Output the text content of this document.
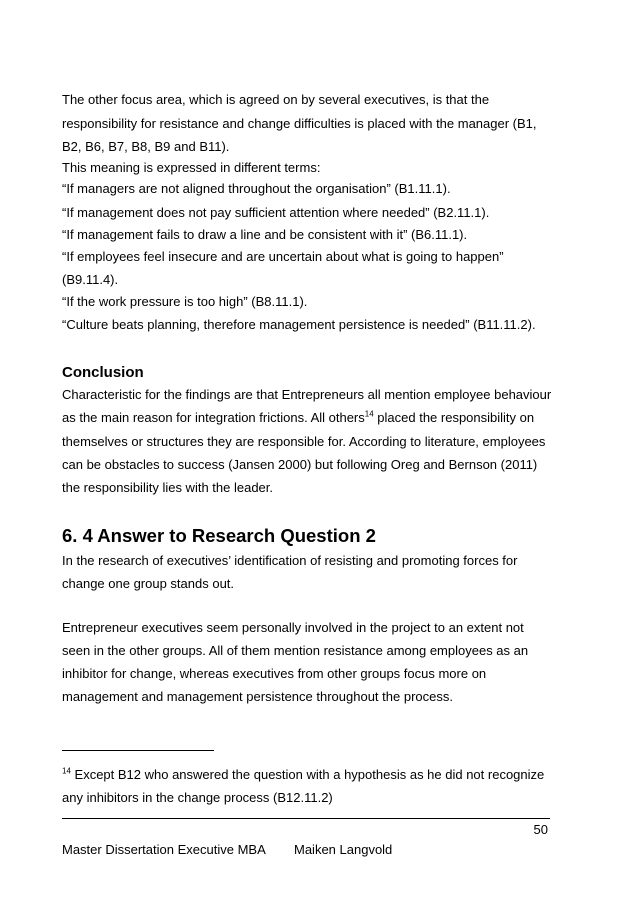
The other focus area, which is agreed on by several executives, is that the
responsibility for resistance and change difficulties is placed with the manager (B1,
B2, B6, B7, B8, B9 and B11).
This meaning is expressed in different terms:
“If managers are not aligned throughout the organisation” (B1.11.1).
“If management does not pay sufficient attention where needed” (B2.11.1).
“If management fails to draw a line and be consistent with it” (B6.11.1).
“If employees feel insecure and are uncertain about what is going to happen”
(B9.11.4).
“If the work pressure is too high” (B8.11.1).
“Culture beats planning, therefore management persistence is needed” (B11.11.2).
Conclusion
Characteristic for the findings are that Entrepreneurs all mention employee behaviour
as the main reason for integration frictions. All others$^{14}$ placed the responsibility on
themselves or structures they are responsible for. According to literature, employees
can be obstacles to success (Jansen 2000) but following Oreg and Bernson (2011)
the responsibility lies with the leader.
6. 4 Answer to Research Question 2
In the research of executives’ identification of resisting and promoting forces for
change one group stands out.
Entrepreneur executives seem personally involved in the project to an extent not
seen in the other groups. All of them mention resistance among employees as an
inhibitor for change, whereas executives from other groups focus more on
management and management persistence throughout the process.
$^{14}$ Except B12 who answered the question with a hypothesis as he did not recognize
any inhibitors in the change process (B12.11.2)
50
Master Dissertation Executive MBA Maiken Langvold
